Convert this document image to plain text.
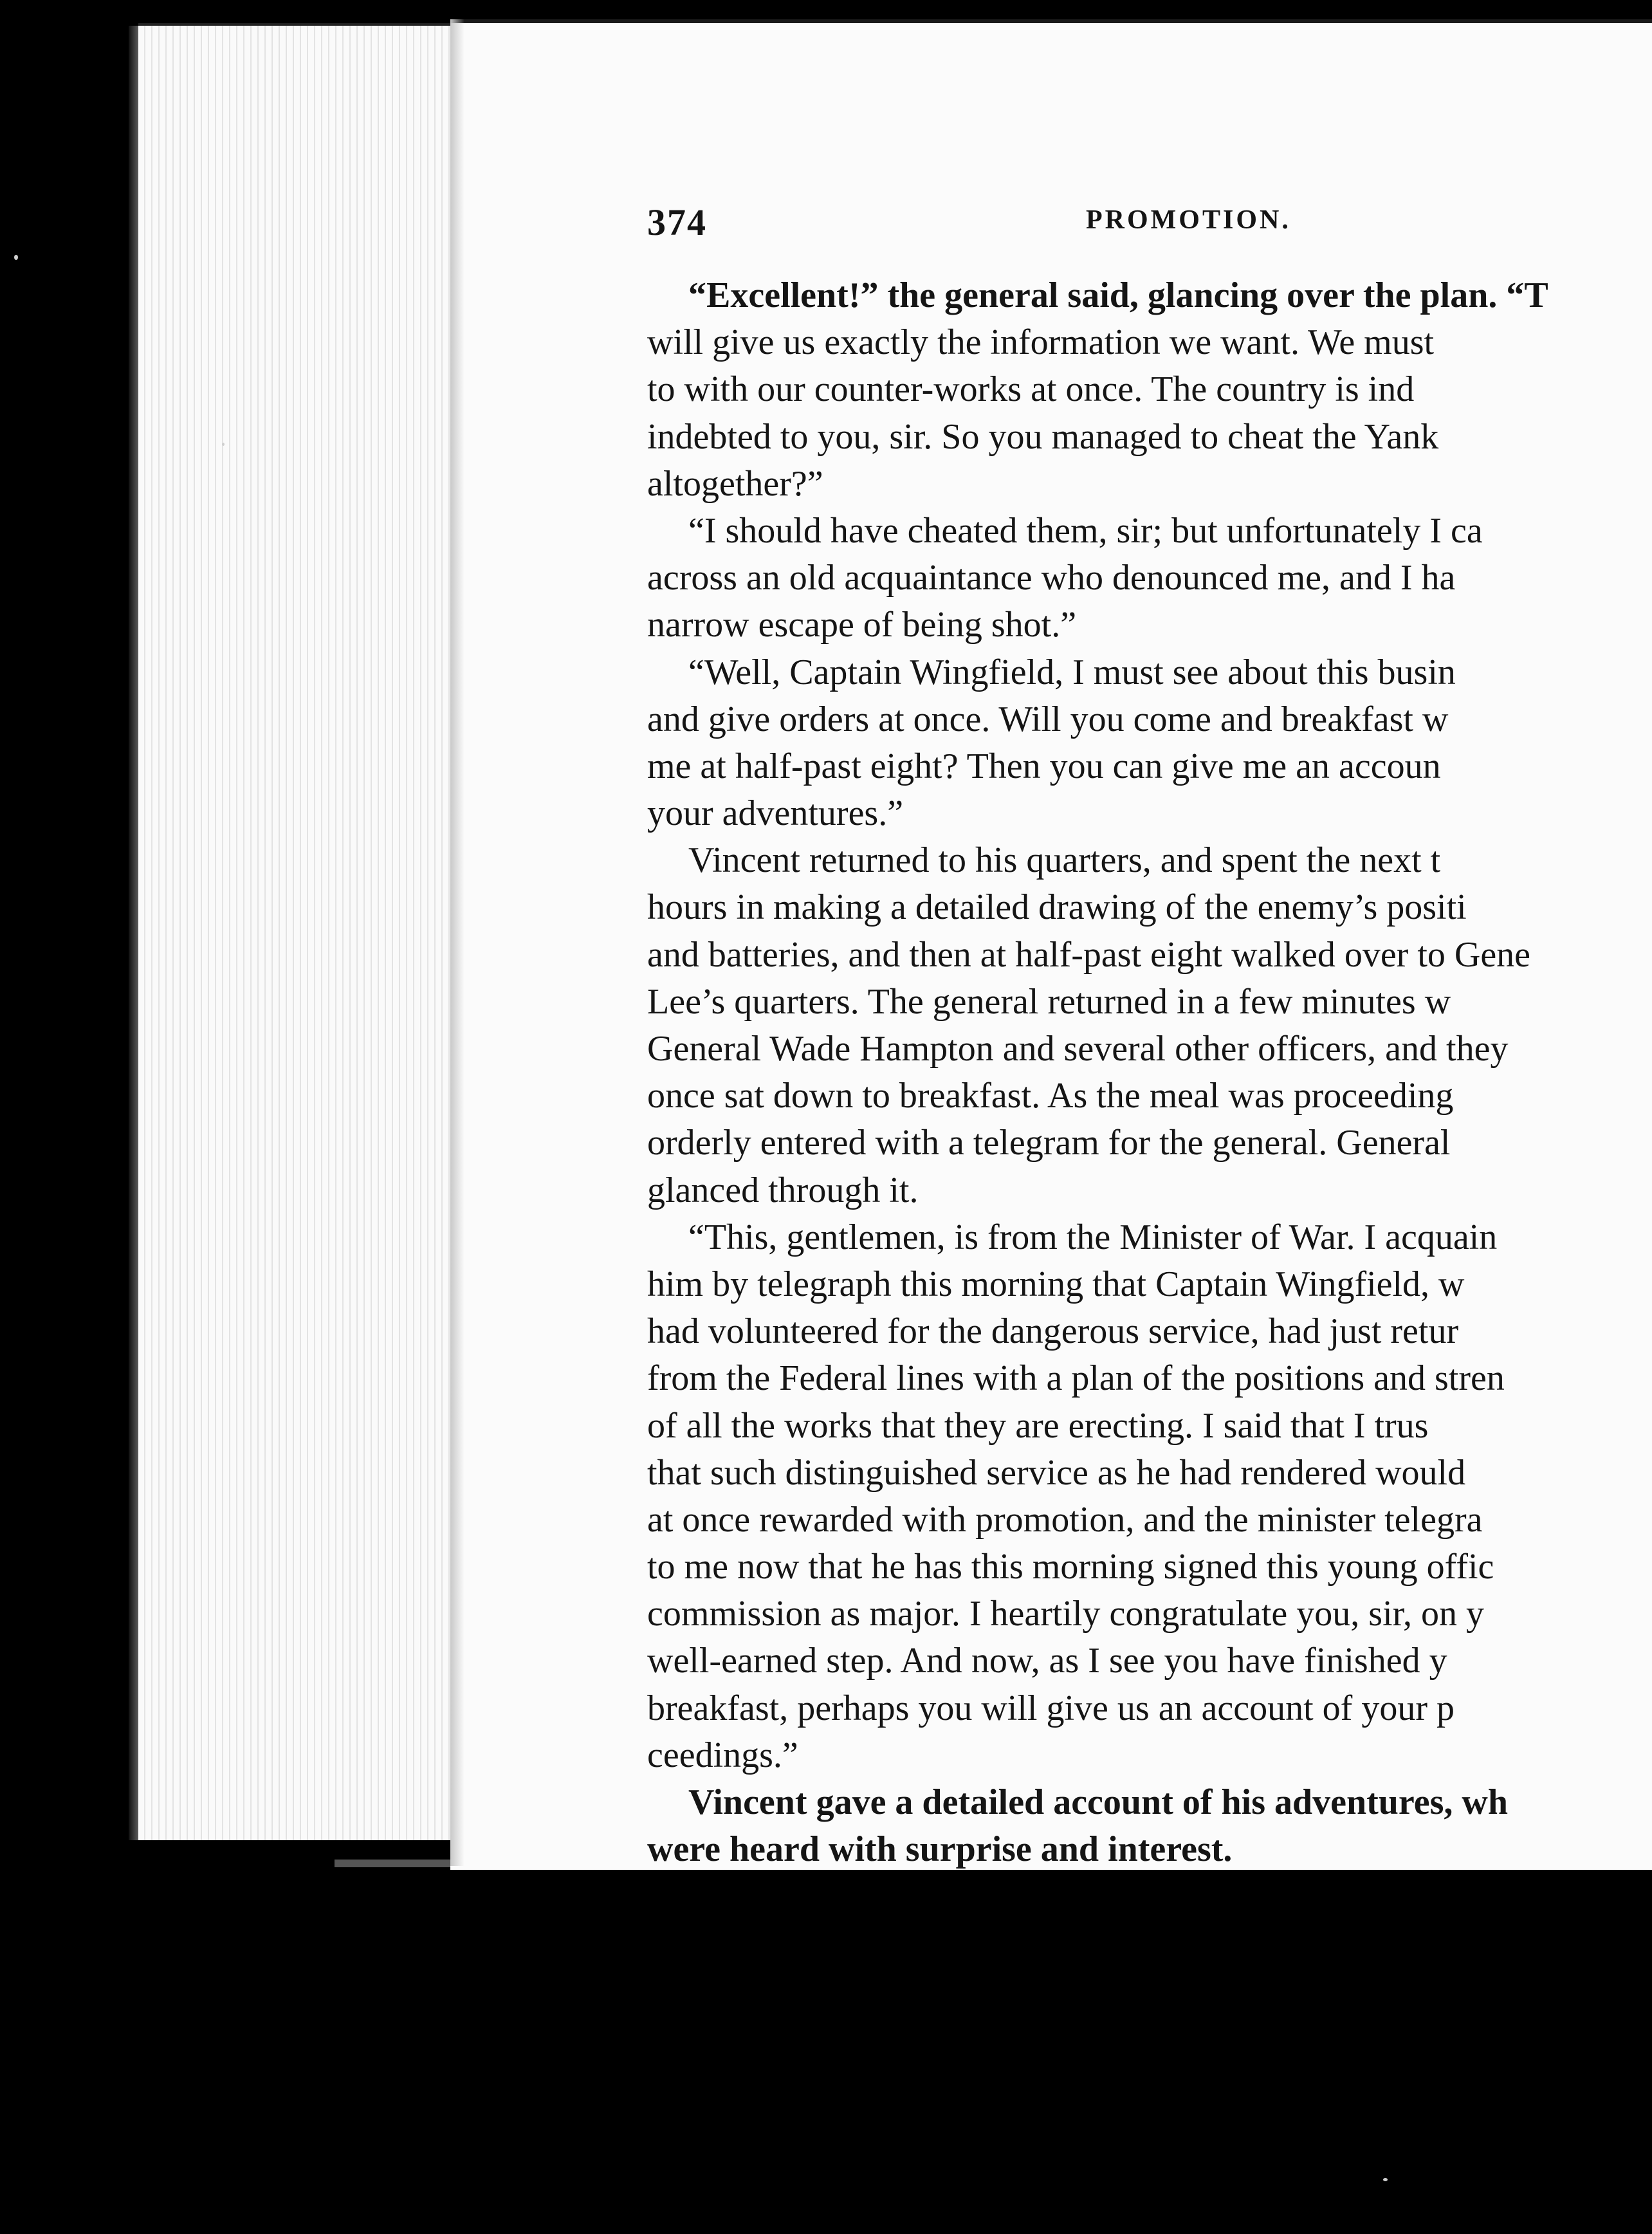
374	PROMOTION.
“Excellent!” the general said, glancing over the plan. “T
will give us exactly the information we want. We must
to with our counter-works at once. The country is ind
indebted to you, sir. So you managed to cheat the Yank
altogether?”
“I should have cheated them, sir; but unfortunately I ca
across an old acquaintance who denounced me, and I ha
narrow escape of being shot.”
“Well, Captain Wingfield, I must see about this busin
and give orders at once. Will you come and breakfast w
me at half-past eight? Then you can give me an accoun
your adventures.”
Vincent returned to his quarters, and spent the next t
hours in making a detailed drawing of the enemy’s positi
and batteries, and then at half-past eight walked over to Gene
Lee’s quarters. The general returned in a few minutes w
General Wade Hampton and several other officers, and they
once sat down to breakfast. As the meal was proceeding
orderly entered with a telegram for the general. General
glanced through it.
“This, gentlemen, is from the Minister of War. I acquain
him by telegraph this morning that Captain Wingfield, w
had volunteered for the dangerous service, had just retur
from the Federal lines with a plan of the positions and stren
of all the works that they are erecting. I said that I trus
that such distinguished service as he had rendered would
at once rewarded with promotion, and the minister telegra
to me now that he has this morning signed this young offic
commission as major. I heartily congratulate you, sir, on y
well-earned step. And now, as I see you have finished y
breakfast, perhaps you will give us an account of your p
ceedings.”
Vincent gave a detailed account of his adventures, wh
were heard with surprise and interest.
